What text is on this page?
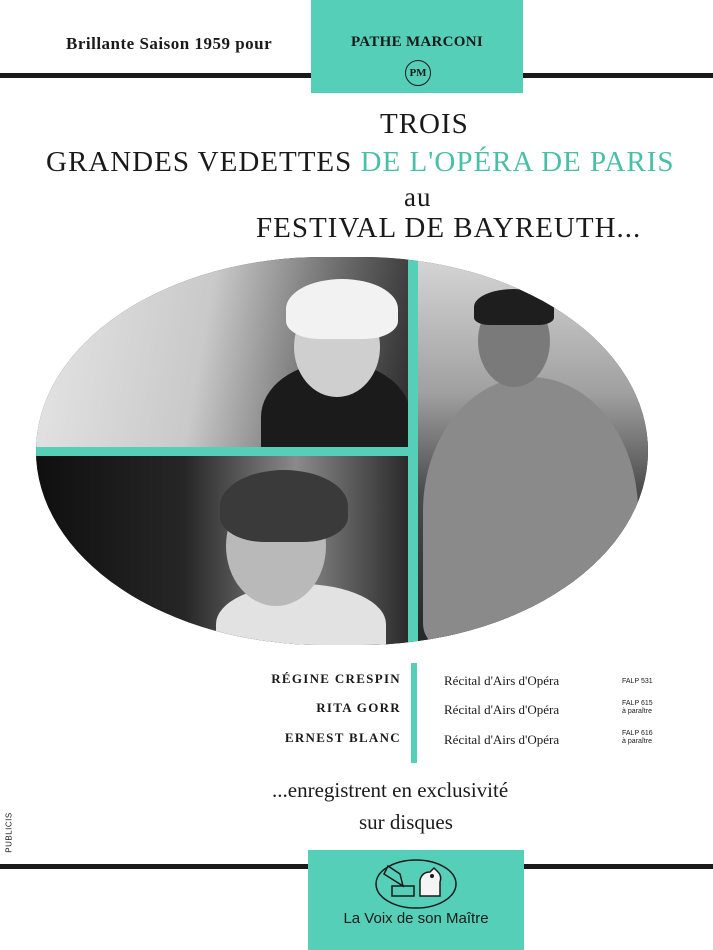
Brillante Saison 1959 pour	PATHE MARCONI
PM
TROIS
GRANDES VEDETTES DE L'OPÉRA DE PARIS
au
FESTIVAL DE BAYREUTH...
RÉGINE CRESPIN	Récital d'Airs d'Opéra	FALP 531
RITA GORR	Récital d'Airs d'Opéra	FALP 615
à paraître
ERNEST BLANC	Récital d'Airs d'Opéra	FALP 616
à paraître
...enregistrent en exclusivité
sur disques
PUBLICIS
La Voix de son Maître
